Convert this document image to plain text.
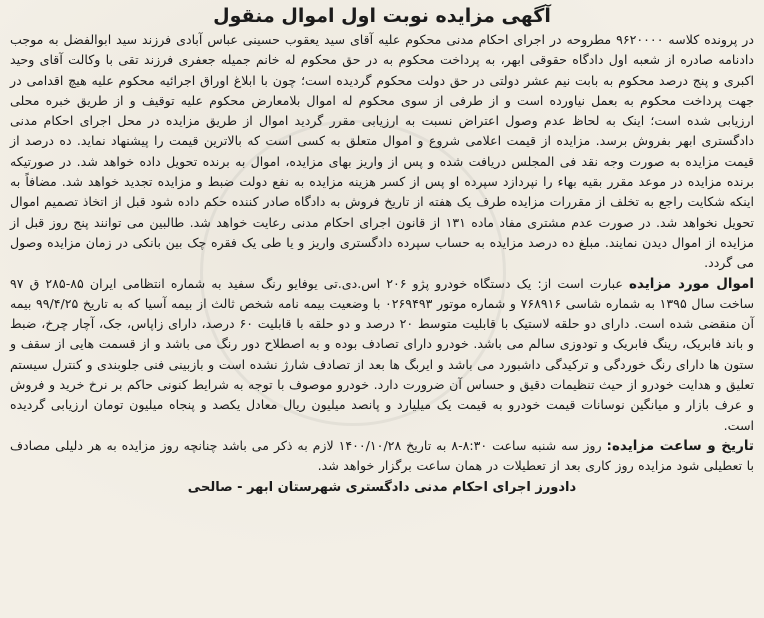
آگهی مزایده نوبت اول اموال منقول

در پرونده کلاسه ۹۶۲۰۰۰۰ مطروحه در اجرای احکام مدنی محکوم علیه آقای سید یعقوب حسینی عباس آبادی فرزند سید ابوالفضل به موجب دادنامه صادره از شعبه اول دادگاه حقوقی ابهر، به پرداخت محکوم به در حق محکوم له خانم جمیله جعفری فرزند تقی با وکالت آقای وحید اکبری و پنج درصد محکوم به بابت نیم عشر دولتی در حق دولت محکوم گردیده است؛ چون با ابلاغ اوراق اجرائیه محکوم علیه هیچ اقدامی در جهت پرداخت محکوم به بعمل نیاورده است و از طرفی از سوی محکوم له اموال بلامعارض محکوم علیه توقیف و از طریق خبره محلی ارزیابی شده است؛ اینک به لحاظ عدم وصول اعتراض نسبت به ارزیابی مقرر گردید اموال از طریق مزایده در محل اجرای احکام مدنی دادگستری ابهر بفروش برسد. مزایده از قیمت اعلامی شروع و اموال متعلق به کسی است که بالاترین قیمت را پیشنهاد نماید. ده درصد از قیمت مزایده به صورت وجه نقد فی المجلس دریافت شده و پس از واریز بهای مزایده، اموال به برنده تحویل داده خواهد شد. در صورتیکه برنده مزایده در موعد مقرر بقیه بهاء را نپردازد سپرده او پس از کسر هزینه مزایده به نفع دولت ضبط و مزایده تجدید خواهد شد. مضافاً به اینکه شکایت راجع به تخلف از مقررات مزایده طرف یک هفته از تاریخ فروش به دادگاه صادر کننده حکم داده شود قبل از اتخاذ تصمیم اموال تحویل نخواهد شد. در صورت عدم مشتری مفاد ماده ۱۳۱ از قانون اجرای احکام مدنی رعایت خواهد شد. طالبین می توانند پنج روز قبل از مزایده از اموال دیدن نمایند. مبلغ ده درصد مزایده به حساب سپرده دادگستری واریز و یا طی یک فقره چک بین بانکی در زمان مزایده وصول می گردد.

اموال مورد مزایده عبارت است از: یک دستگاه خودرو پژو ۲۰۶ اس.دی.تی یوفایو رنگ سفید به شماره انتظامی ایران ۸۵-۲۸۵ ق ۹۷ ساخت سال ۱۳۹۵ به شماره شاسی ۷۶۸۹۱۶ و شماره موتور ۰۲۶۹۴۹۳ با وضعیت بیمه نامه شخص ثالث از بیمه آسیا که به تاریخ ۹۹/۴/۲۵ بیمه آن منقضی شده است. دارای دو حلقه لاستیک با قابلیت متوسط ۲۰ درصد و دو حلقه با قابلیت ۶۰ درصد، دارای زاپاس، جک، آچار چرخ، ضبط و باند فابریک، رینگ فابریک و تودوزی سالم می باشد. خودرو دارای تصادف بوده و به اصطلاح دور رنگ می باشد و از قسمت هایی از سقف و ستون ها دارای رنگ خوردگی و ترکیدگی داشبورد می باشد و ایربگ ها بعد از تصادف شارژ نشده است و بازبینی فنی جلوبندی و کنترل سیستم تعلیق و هدایت خودرو از حیث تنظیمات دقیق و حساس آن ضرورت دارد. خودرو موصوف با توجه به شرایط کنونی حاکم بر نرخ خرید و فروش و عرف بازار و میانگین نوسانات قیمت خودرو به قیمت یک میلیارد و پانصد میلیون ریال معادل یکصد و پنجاه میلیون تومان ارزیابی گردیده است.

تاریخ و ساعت مزایده: روز سه شنبه ساعت ۸:۳۰-۸ به تاریخ ۱۴۰۰/۱۰/۲۸ لازم به ذکر می باشد چنانچه روز مزایده به هر دلیلی مصادف با تعطیلی شود مزایده روز کاری بعد از تعطیلات در همان ساعت برگزار خواهد شد.

دادورز اجرای احکام مدنی دادگستری شهرستان ابهر - صالحی
